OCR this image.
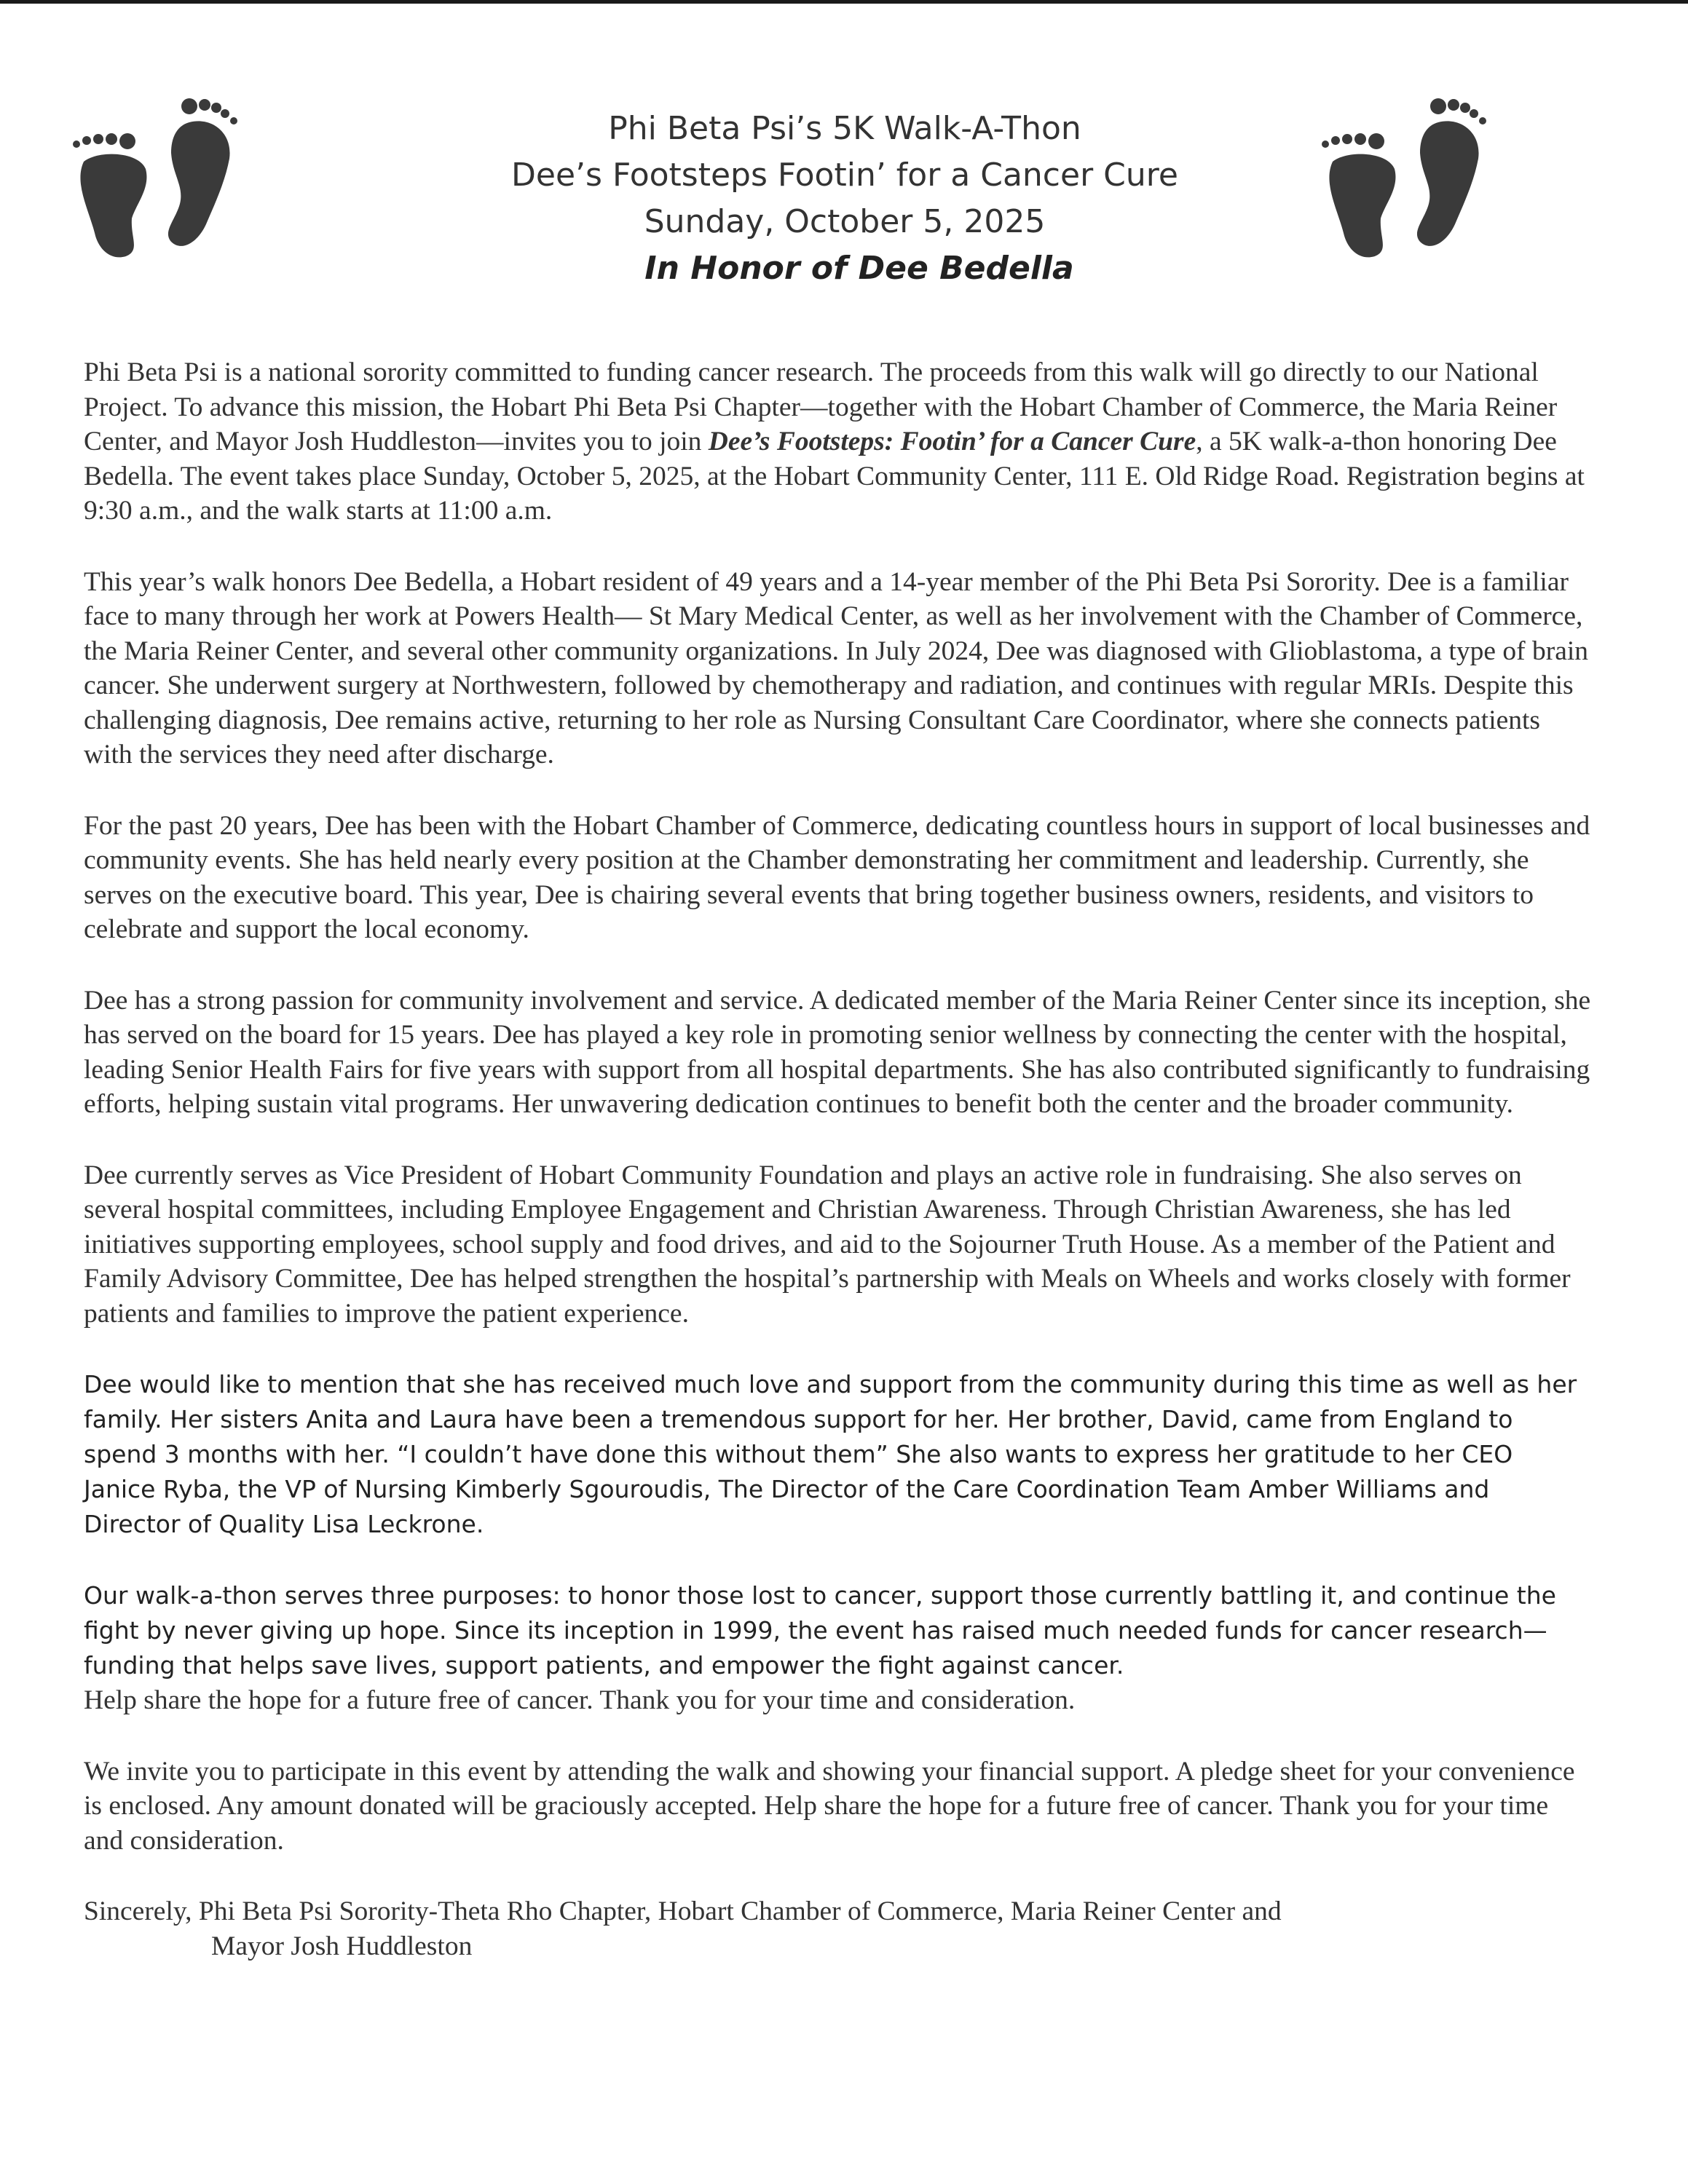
Phi Beta Psi’s 5K Walk-A-Thon
Dee’s Footsteps Footin’ for a Cancer Cure
Sunday, October 5, 2025
In Honor of Dee Bedella

Phi Beta Psi is a national sorority committed to funding cancer research. The proceeds from this walk will go directly to our National Project. To advance this mission, the Hobart Phi Beta Psi Chapter—together with the Hobart Chamber of Commerce, the Maria Reiner Center, and Mayor Josh Huddleston—invites you to join Dee’s Footsteps: Footin’ for a Cancer Cure, a 5K walk-a-thon honoring Dee Bedella. The event takes place Sunday, October 5, 2025, at the Hobart Community Center, 111 E. Old Ridge Road. Registration begins at 9:30 a.m., and the walk starts at 11:00 a.m.

This year’s walk honors Dee Bedella, a Hobart resident of 49 years and a 14-year member of the Phi Beta Psi Sorority. Dee is a familiar face to many through her work at Powers Health— St Mary Medical Center, as well as her involvement with the Chamber of Commerce, the Maria Reiner Center, and several other community organizations. In July 2024, Dee was diagnosed with Glioblastoma, a type of brain cancer. She underwent surgery at Northwestern, followed by chemotherapy and radiation, and continues with regular MRIs. Despite this challenging diagnosis, Dee remains active, returning to her role as Nursing Consultant Care Coordinator, where she connects patients with the services they need after discharge.

For the past 20 years, Dee has been with the Hobart Chamber of Commerce, dedicating countless hours in support of local businesses and community events. She has held nearly every position at the Chamber demonstrating her commitment and leadership. Currently, she serves on the executive board. This year, Dee is chairing several events that bring together business owners, residents, and visitors to celebrate and support the local economy.

Dee has a strong passion for community involvement and service. A dedicated member of the Maria Reiner Center since its inception, she has served on the board for 15 years. Dee has played a key role in promoting senior wellness by connecting the center with the hospital, leading Senior Health Fairs for five years with support from all hospital departments. She has also contributed significantly to fundraising efforts, helping sustain vital programs. Her unwavering dedication continues to benefit both the center and the broader community.

Dee currently serves as Vice President of Hobart Community Foundation and plays an active role in fundraising. She also serves on several hospital committees, including Employee Engagement and Christian Awareness. Through Christian Awareness, she has led initiatives supporting employees, school supply and food drives, and aid to the Sojourner Truth House. As a member of the Patient and Family Advisory Committee, Dee has helped strengthen the hospital’s partnership with Meals on Wheels and works closely with former patients and families to improve the patient experience.

Dee would like to mention that she has received much love and support from the community during this time as well as her family. Her sisters Anita and Laura have been a tremendous support for her. Her brother, David, came from England to spend 3 months with her. “I couldn’t have done this without them” She also wants to express her gratitude to her CEO Janice Ryba, the VP of Nursing Kimberly Sgouroudis, The Director of the Care Coordination Team Amber Williams and Director of Quality Lisa Leckrone.

Our walk-a-thon serves three purposes: to honor those lost to cancer, support those currently battling it, and continue the fight by never giving up hope. Since its inception in 1999, the event has raised much needed funds for cancer research—funding that helps save lives, support patients, and empower the fight against cancer.
Help share the hope for a future free of cancer. Thank you for your time and consideration.

We invite you to participate in this event by attending the walk and showing your financial support. A pledge sheet for your convenience is enclosed. Any amount donated will be graciously accepted. Help share the hope for a future free of cancer. Thank you for your time and consideration.

Sincerely, Phi Beta Psi Sorority-Theta Rho Chapter, Hobart Chamber of Commerce, Maria Reiner Center and
Mayor Josh Huddleston
